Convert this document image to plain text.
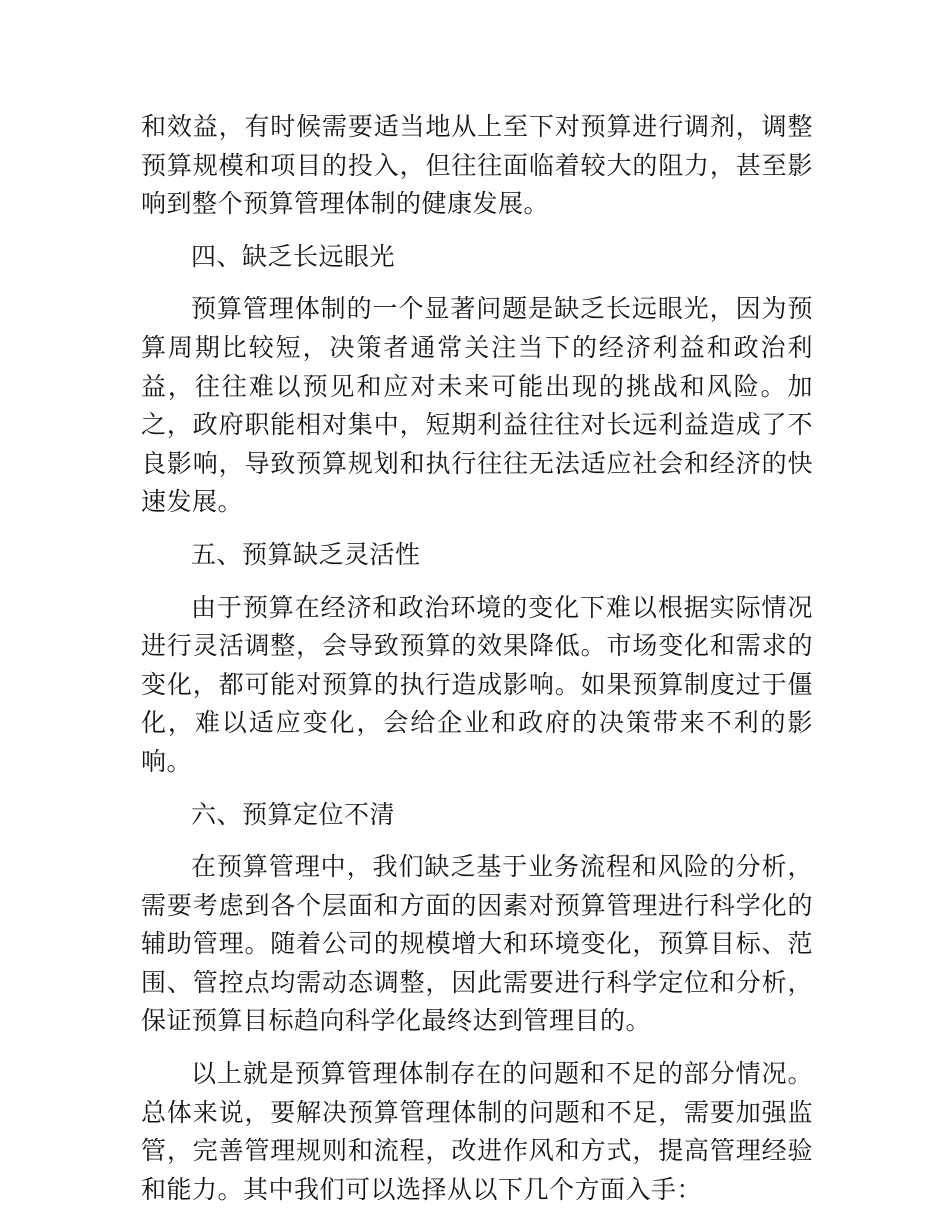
和效益，有时候需要适当地从上至下对预算进行调剂，调整预算规模和项目的投入，但往往面临着较大的阻力，甚至影响到整个预算管理体制的健康发展。

四、缺乏长远眼光

预算管理体制的一个显著问题是缺乏长远眼光，因为预算周期比较短，决策者通常关注当下的经济利益和政治利益，往往难以预见和应对未来可能出现的挑战和风险。加之，政府职能相对集中，短期利益往往对长远利益造成了不良影响，导致预算规划和执行往往无法适应社会和经济的快速发展。

五、预算缺乏灵活性

由于预算在经济和政治环境的变化下难以根据实际情况进行灵活调整，会导致预算的效果降低。市场变化和需求的变化，都可能对预算的执行造成影响。如果预算制度过于僵化，难以适应变化，会给企业和政府的决策带来不利的影响。

六、预算定位不清

在预算管理中，我们缺乏基于业务流程和风险的分析，需要考虑到各个层面和方面的因素对预算管理进行科学化的辅助管理。随着公司的规模增大和环境变化，预算目标、范围、管控点均需动态调整，因此需要进行科学定位和分析，保证预算目标趋向科学化最终达到管理目的。

以上就是预算管理体制存在的问题和不足的部分情况。总体来说，要解决预算管理体制的问题和不足，需要加强监管，完善管理规则和流程，改进作风和方式，提高管理经验和能力。其中我们可以选择从以下几个方面入手：
